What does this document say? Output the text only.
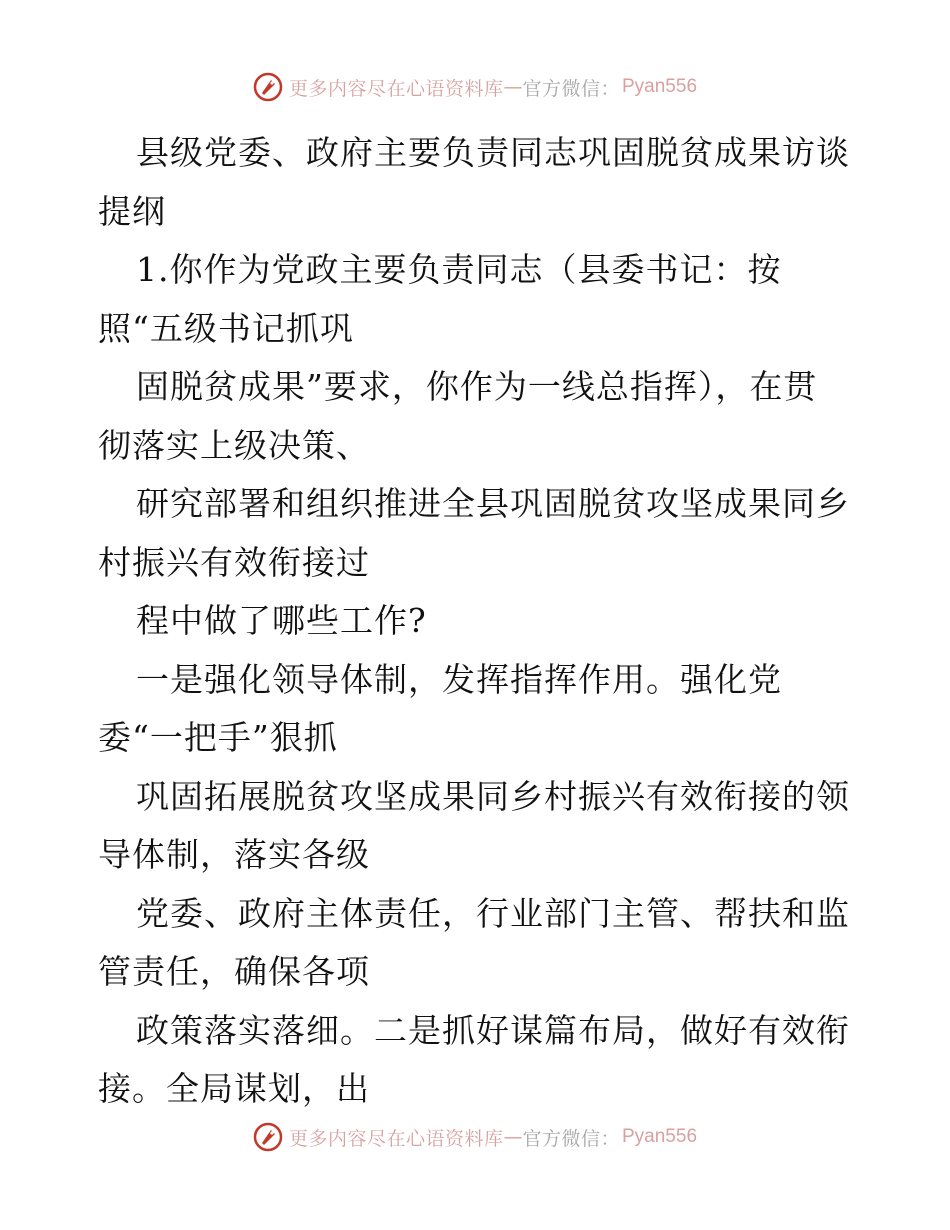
更多内容尽在心语资料库 — 官方微信： Pyan556
县级党委、政府主要负责同志巩固脱贫成果访谈
提纲
1.你作为党政主要负责同志（县委书记：按
照“五级书记抓巩
固脱贫成果”要求，你作为一线总指挥），在贯
彻落实上级决策、
研究部署和组织推进全县巩固脱贫攻坚成果同乡
村振兴有效衔接过
程中做了哪些工作?
一是强化领导体制，发挥指挥作用。强化党
委“一把手”狠抓
巩固拓展脱贫攻坚成果同乡村振兴有效衔接的领
导体制，落实各级
党委、政府主体责任，行业部门主管、帮扶和监
管责任，确保各项
政策落实落细。二是抓好谋篇布局，做好有效衔
接。全局谋划，出
更多内容尽在心语资料库 — 官方微信： Pyan556
